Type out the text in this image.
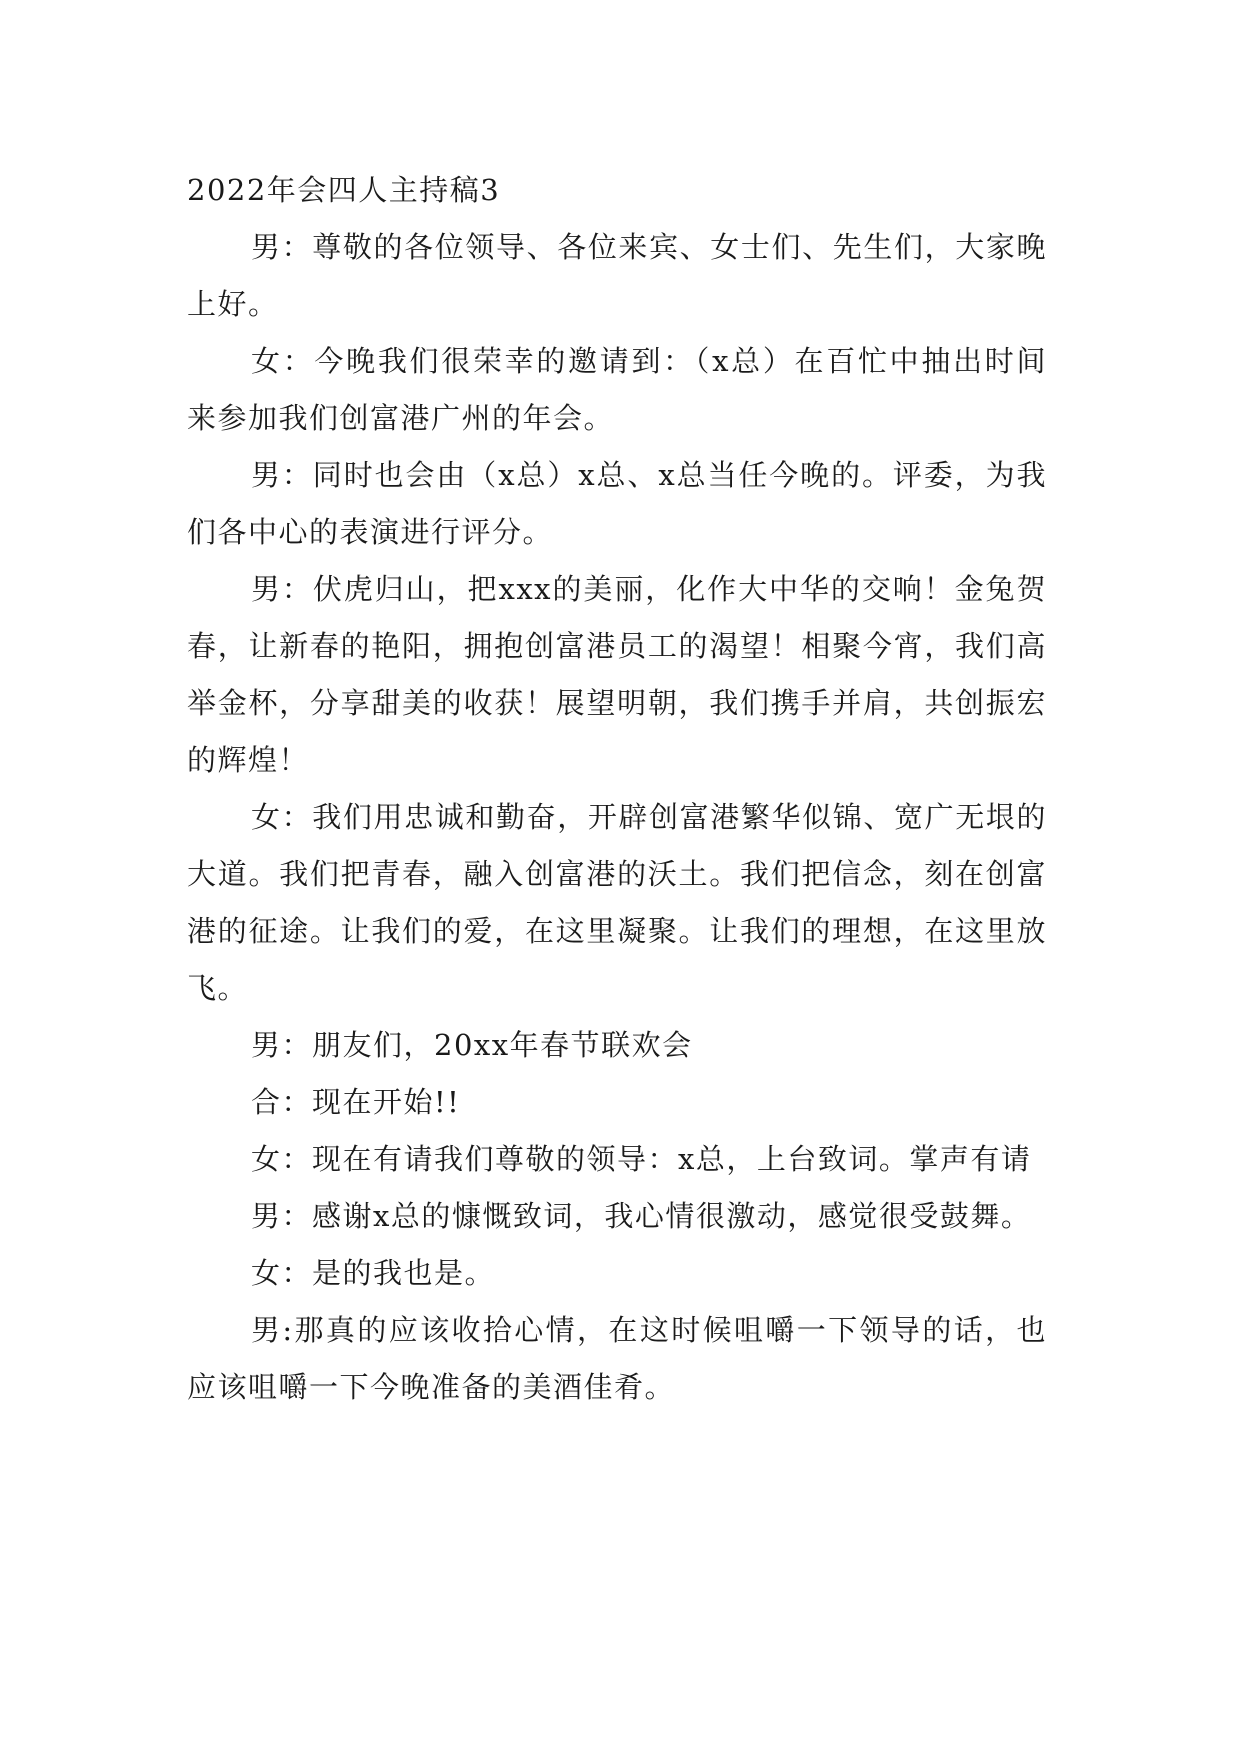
2022年会四人主持稿3

男：尊敬的各位领导、各位来宾、女士们、先生们，大家晚上好。

女：今晚我们很荣幸的邀请到：（x总）在百忙中抽出时间来参加我们创富港广州的年会。

男：同时也会由（x总）x总、x总当任今晚的。评委，为我们各中心的表演进行评分。

男：伏虎归山，把xxx的美丽，化作大中华的交响！金兔贺春，让新春的艳阳，拥抱创富港员工的渴望！相聚今宵，我们高举金杯，分享甜美的收获！展望明朝，我们携手并肩，共创振宏的辉煌！

女：我们用忠诚和勤奋，开辟创富港繁华似锦、宽广无垠的大道。我们把青春，融入创富港的沃土。我们把信念，刻在创富港的征途。让我们的爱，在这里凝聚。让我们的理想，在这里放飞。

男：朋友们，20xx年春节联欢会

合：现在开始!!

女：现在有请我们尊敬的领导：x总，上台致词。掌声有请

男：感谢x总的慷慨致词，我心情很激动，感觉很受鼓舞。

女：是的我也是。

男:那真的应该收拾心情，在这时候咀嚼一下领导的话，也应该咀嚼一下今晚准备的美酒佳肴。
